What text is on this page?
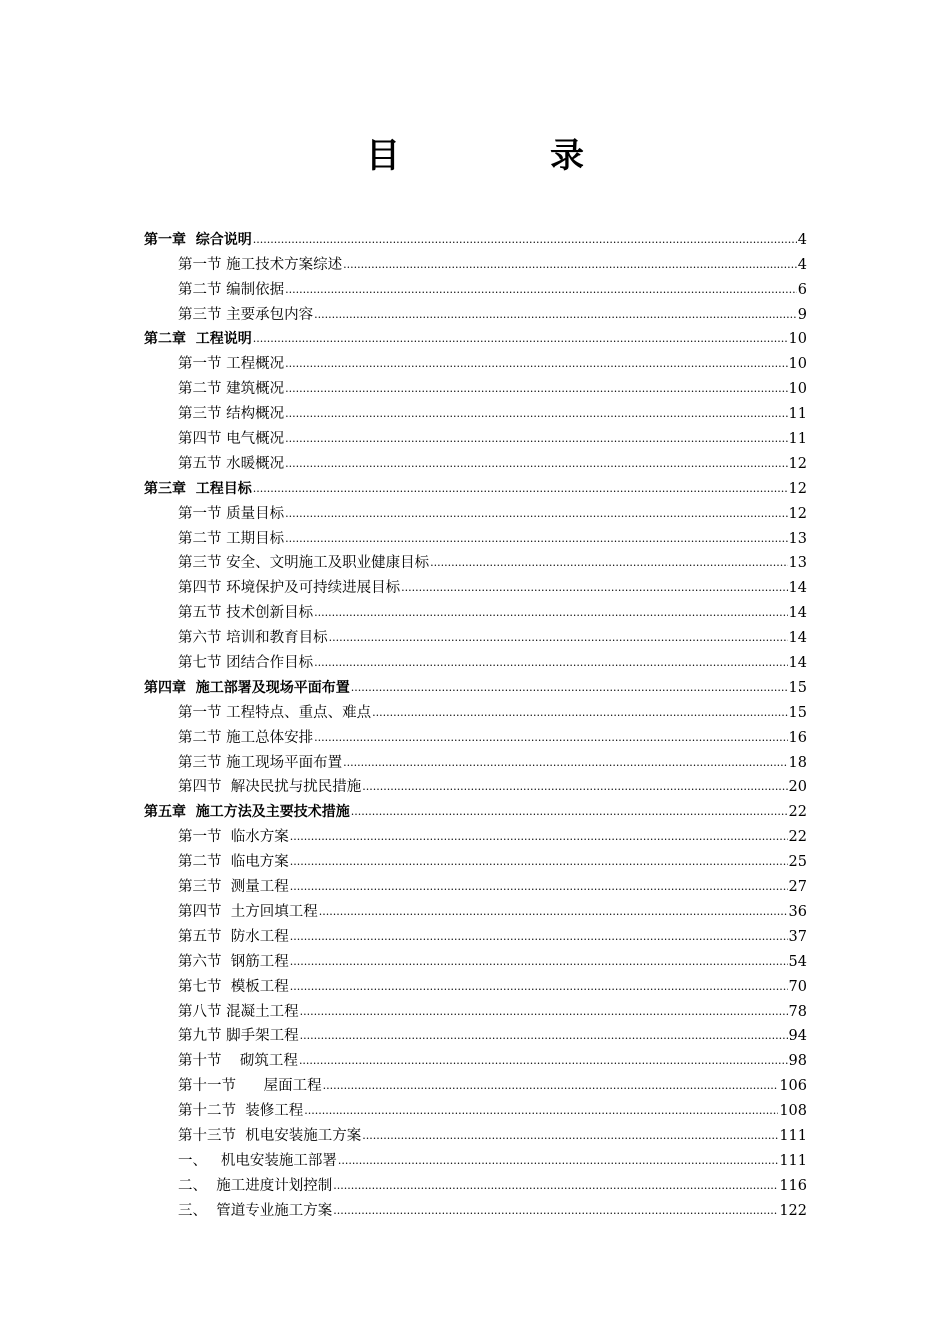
目	录
第一章  综合说明 .....	4
第一节 施工技术方案综述 .....	4
第二节 编制依据 .....	6
第三节 主要承包内容 .....	9
第二章  工程说明 .....	10
第一节 工程概况 .....	10
第二节 建筑概况 .....	10
第三节 结构概况 .....	11
第四节 电气概况 .....	11
第五节 水暖概况 .....	12
第三章  工程目标 .....	12
第一节 质量目标 .....	12
第二节 工期目标 .....	13
第三节 安全、文明施工及职业健康目标 .....	13
第四节 环境保护及可持续进展目标 .....	14
第五节 技术创新目标 .....	14
第六节 培训和教育目标 .....	14
第七节 团结合作目标 .....	14
第四章  施工部署及现场平面布置 .....	15
第一节 工程特点、重点、难点 .....	15
第二节 施工总体安排 .....	16
第三节 施工现场平面布置 .....	18
第四节  解决民扰与扰民措施 .....	20
第五章  施工方法及主要技术措施 .....	22
第一节  临水方案 .....	22
第二节  临电方案 .....	25
第三节  测量工程 .....	27
第四节  土方回填工程 .....	36
第五节  防水工程 .....	37
第六节  钢筋工程 .....	54
第七节  模板工程 .....	70
第八节 混凝土工程 .....	78
第九节 脚手架工程 .....	94
第十节    砌筑工程 .....	98
第十一节      屋面工程 .....	106
第十二节  装修工程 .....	108
第十三节  机电安装施工方案 .....	111
一、   机电安装施工部署 .....	111
二、  施工进度计划控制 .....	116
三、  管道专业施工方案 .....	122
